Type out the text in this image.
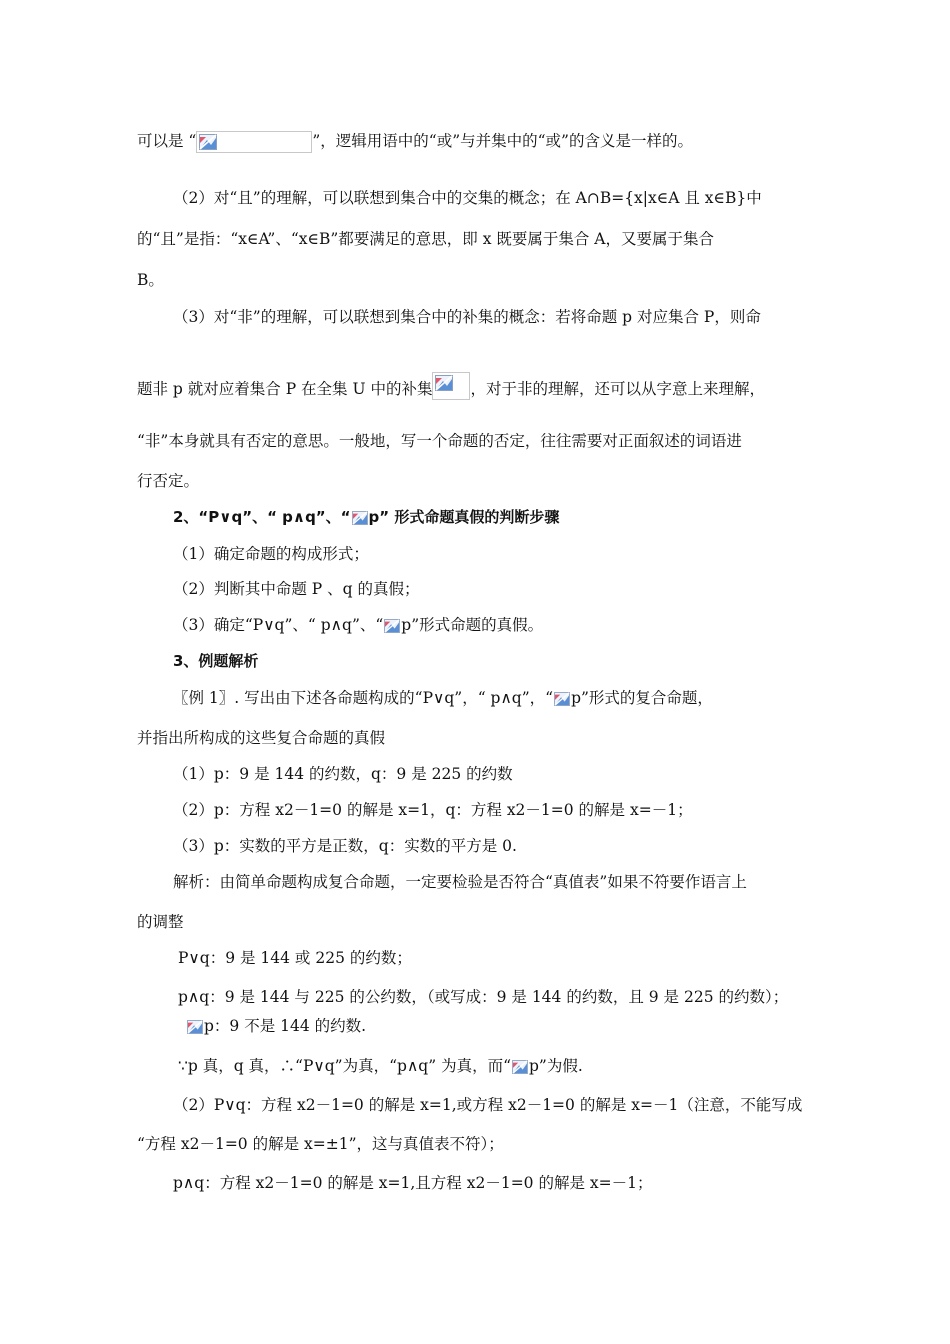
可以是 “	”，逻辑用语中的“或”与并集中的“或”的含义是一样的。
（2）对“且”的理解，可以联想到集合中的交集的概念；在 A∩B={x|x∈A 且 x∈B}中
的“且”是指：“x∈A”、“x∈B”都要满足的意思，即 x 既要属于集合 A，又要属于集合
B。
（3）对“非”的理解，可以联想到集合中的补集的概念：若将命题 p 对应集合 P，则命
题非 p 就对应着集合 P 在全集 U 中的补集 ，对于非的理解，还可以从字意上来理解，
“非”本身就具有否定的意思。一般地，写一个命题的否定，往往需要对正面叙述的词语进
行否定。
2、“P∨q”、“ p∧q”、“ p” 形式命题真假的判断步骤
（1）确定命题的构成形式；
（2）判断其中命题 P 、q 的真假；
（3）确定“P∨q”、“ p∧q”、“ p”形式命题的真假。
3、例题解析
〖例 1〗. 写出由下述各命题构成的“P∨q”，“ p∧q”，“ p”形式的复合命题，
并指出所构成的这些复合命题的真假
（1）p：9 是 144 的约数，q：9 是 225 的约数
（2）p：方程 x2－1=0 的解是 x=1，q：方程 x2－1=0 的解是 x=－1；
（3）p：实数的平方是正数，q：实数的平方是 0.
解析：由简单命题构成复合命题，一定要检验是否符合“真值表”如果不符要作语言上
的调整
P∨q：9 是 144 或 225 的约数；
p∧q：9 是 144 与 225 的公约数，（或写成：9 是 144 的约数，且 9 是 225 的约数）；
p：9 不是 144 的约数.
∵p 真，q 真，∴“P∨q”为真，“p∧q” 为真，而“ p”为假.
（2）P∨q：方程 x2－1=0 的解是 x=1,或方程 x2－1=0 的解是 x=－1（注意，不能写成
“方程 x2－1=0 的解是 x=±1”，这与真值表不符）；
p∧q：方程 x2－1=0 的解是 x=1,且方程 x2－1=0 的解是 x=－1；
